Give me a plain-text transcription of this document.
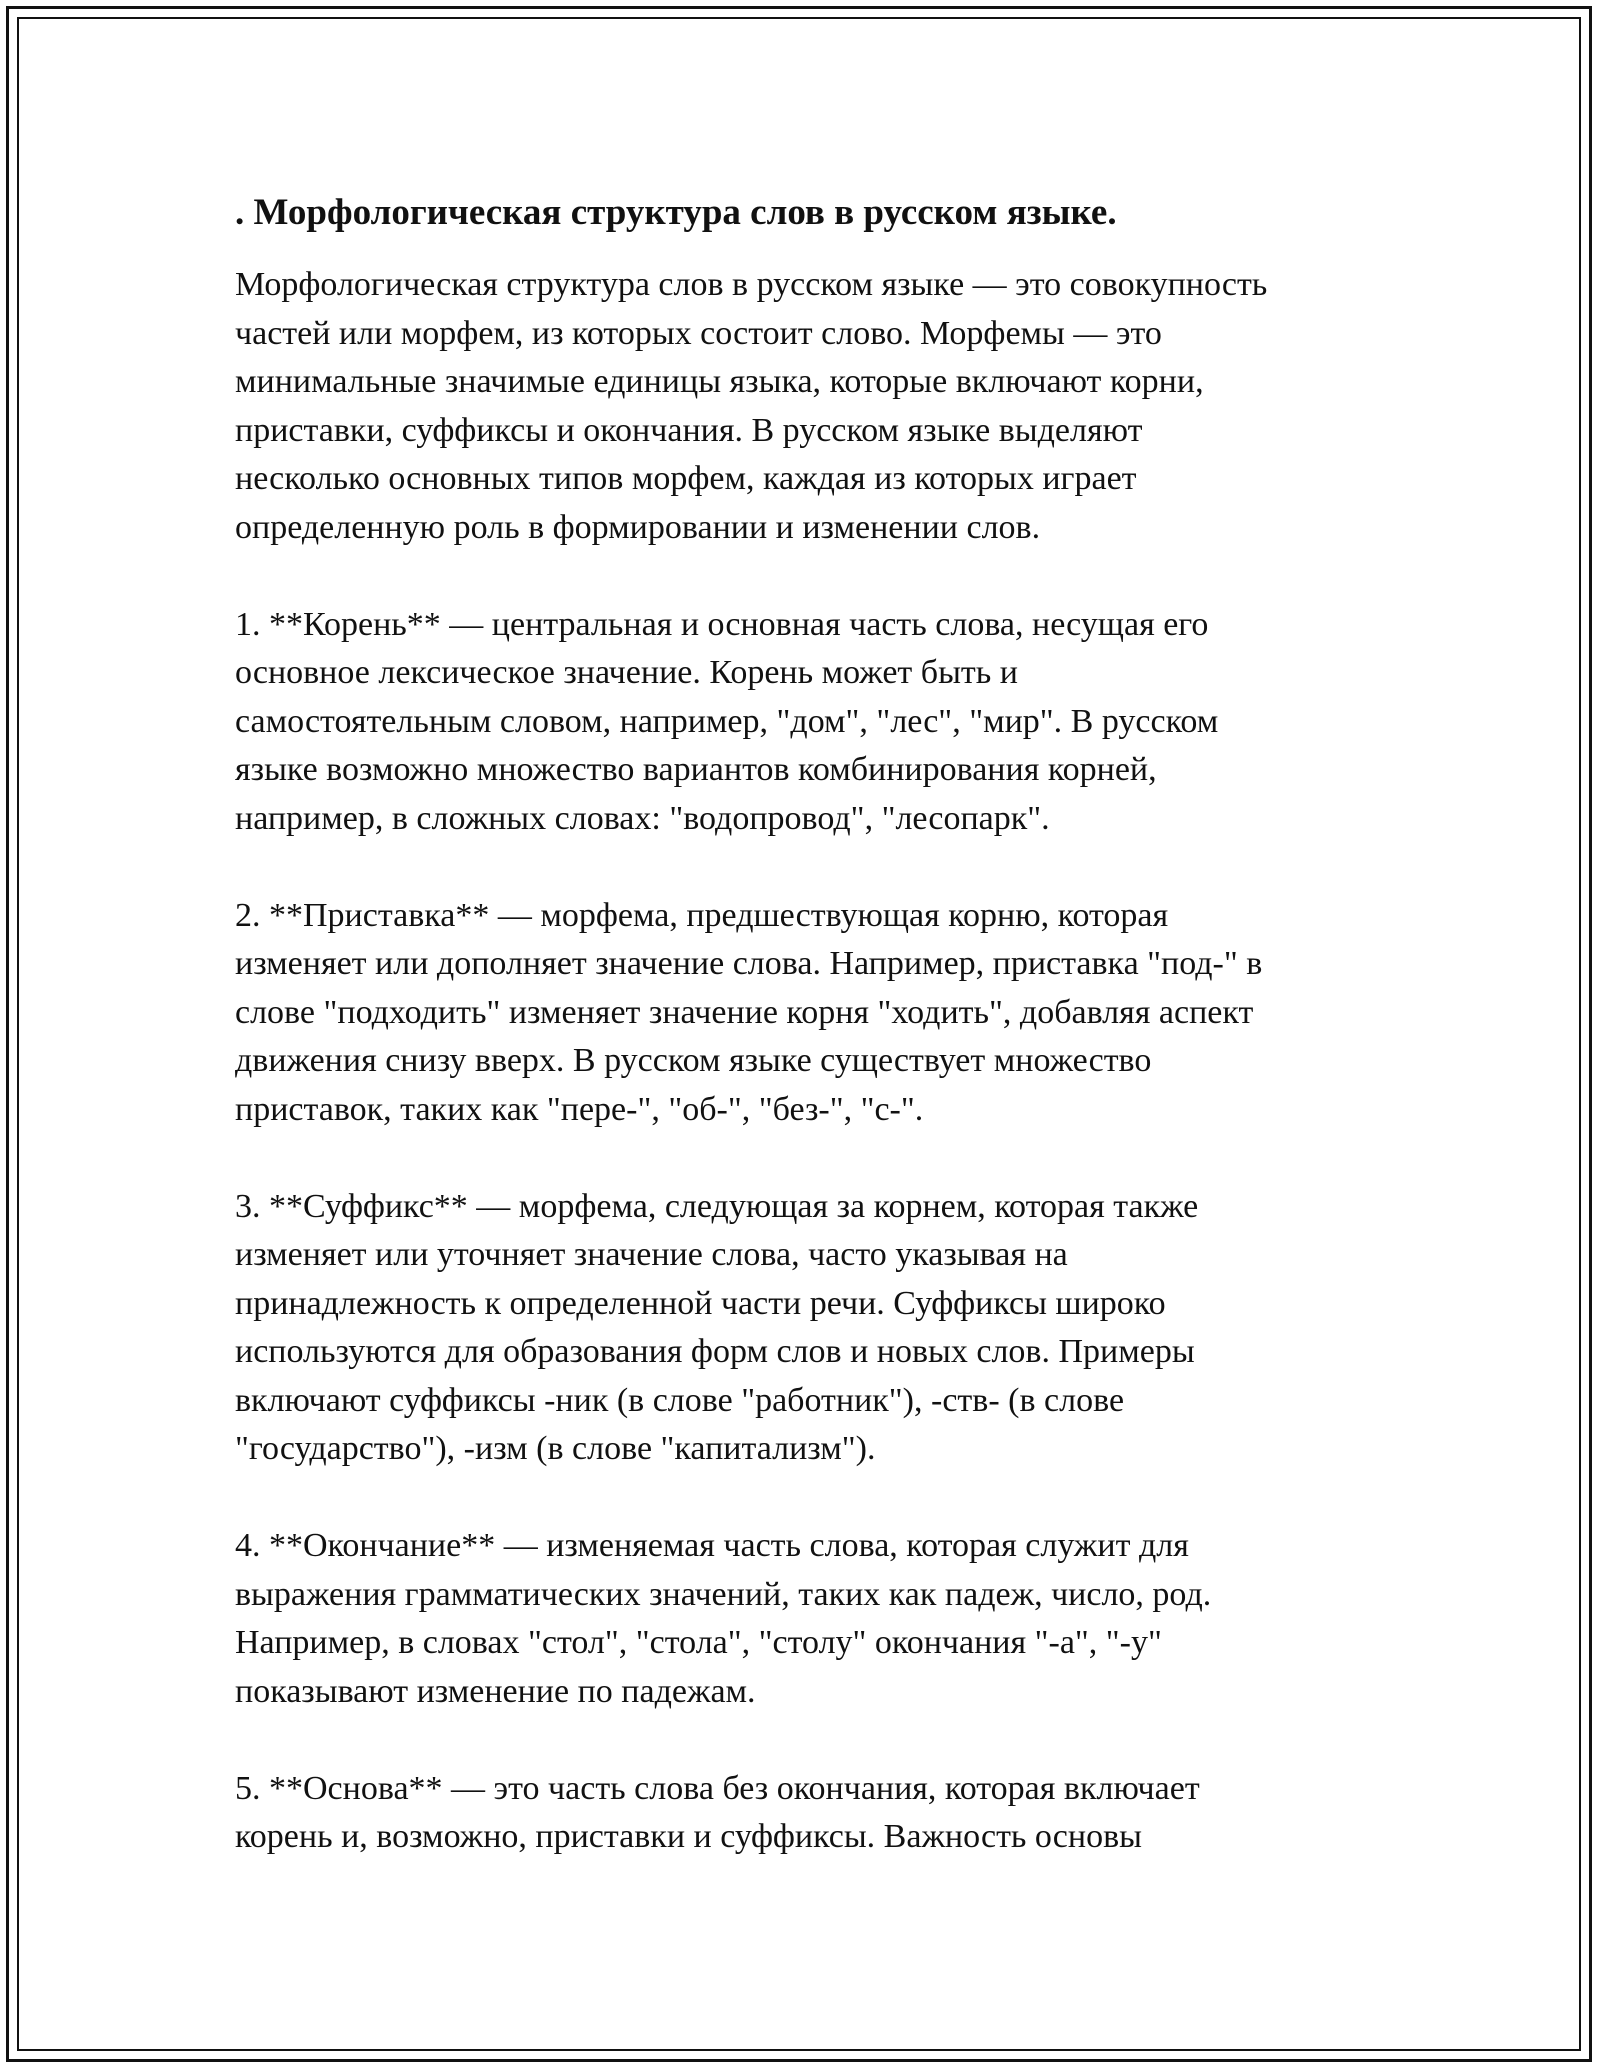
. Морфологическая структура слов в русском языке.
Морфологическая структура слов в русском языке — это совокупность
частей или морфем, из которых состоит слово. Морфемы — это
минимальные значимые единицы языка, которые включают корни,
приставки, суффиксы и окончания. В русском языке выделяют
несколько основных типов морфем, каждая из которых играет
определенную роль в формировании и изменении слов.
1. **Корень** — центральная и основная часть слова, несущая его
основное лексическое значение. Корень может быть и
самостоятельным словом, например, "дом", "лес", "мир". В русском
языке возможно множество вариантов комбинирования корней,
например, в сложных словах: "водопровод", "лесопарк".
2. **Приставка** — морфема, предшествующая корню, которая
изменяет или дополняет значение слова. Например, приставка "под-" в
слове "подходить" изменяет значение корня "ходить", добавляя аспект
движения снизу вверх. В русском языке существует множество
приставок, таких как "пере-", "об-", "без-", "с-".
3. **Суффикс** — морфема, следующая за корнем, которая также
изменяет или уточняет значение слова, часто указывая на
принадлежность к определенной части речи. Суффиксы широко
используются для образования форм слов и новых слов. Примеры
включают суффиксы -ник (в слове "работник"), -ств- (в слове
"государство"), -изм (в слове "капитализм").
4. **Окончание** — изменяемая часть слова, которая служит для
выражения грамматических значений, таких как падеж, число, род.
Например, в словах "стол", "стола", "столу" окончания "-а", "-у"
показывают изменение по падежам.
5. **Основа** — это часть слова без окончания, которая включает
корень и, возможно, приставки и суффиксы. Важность основы
